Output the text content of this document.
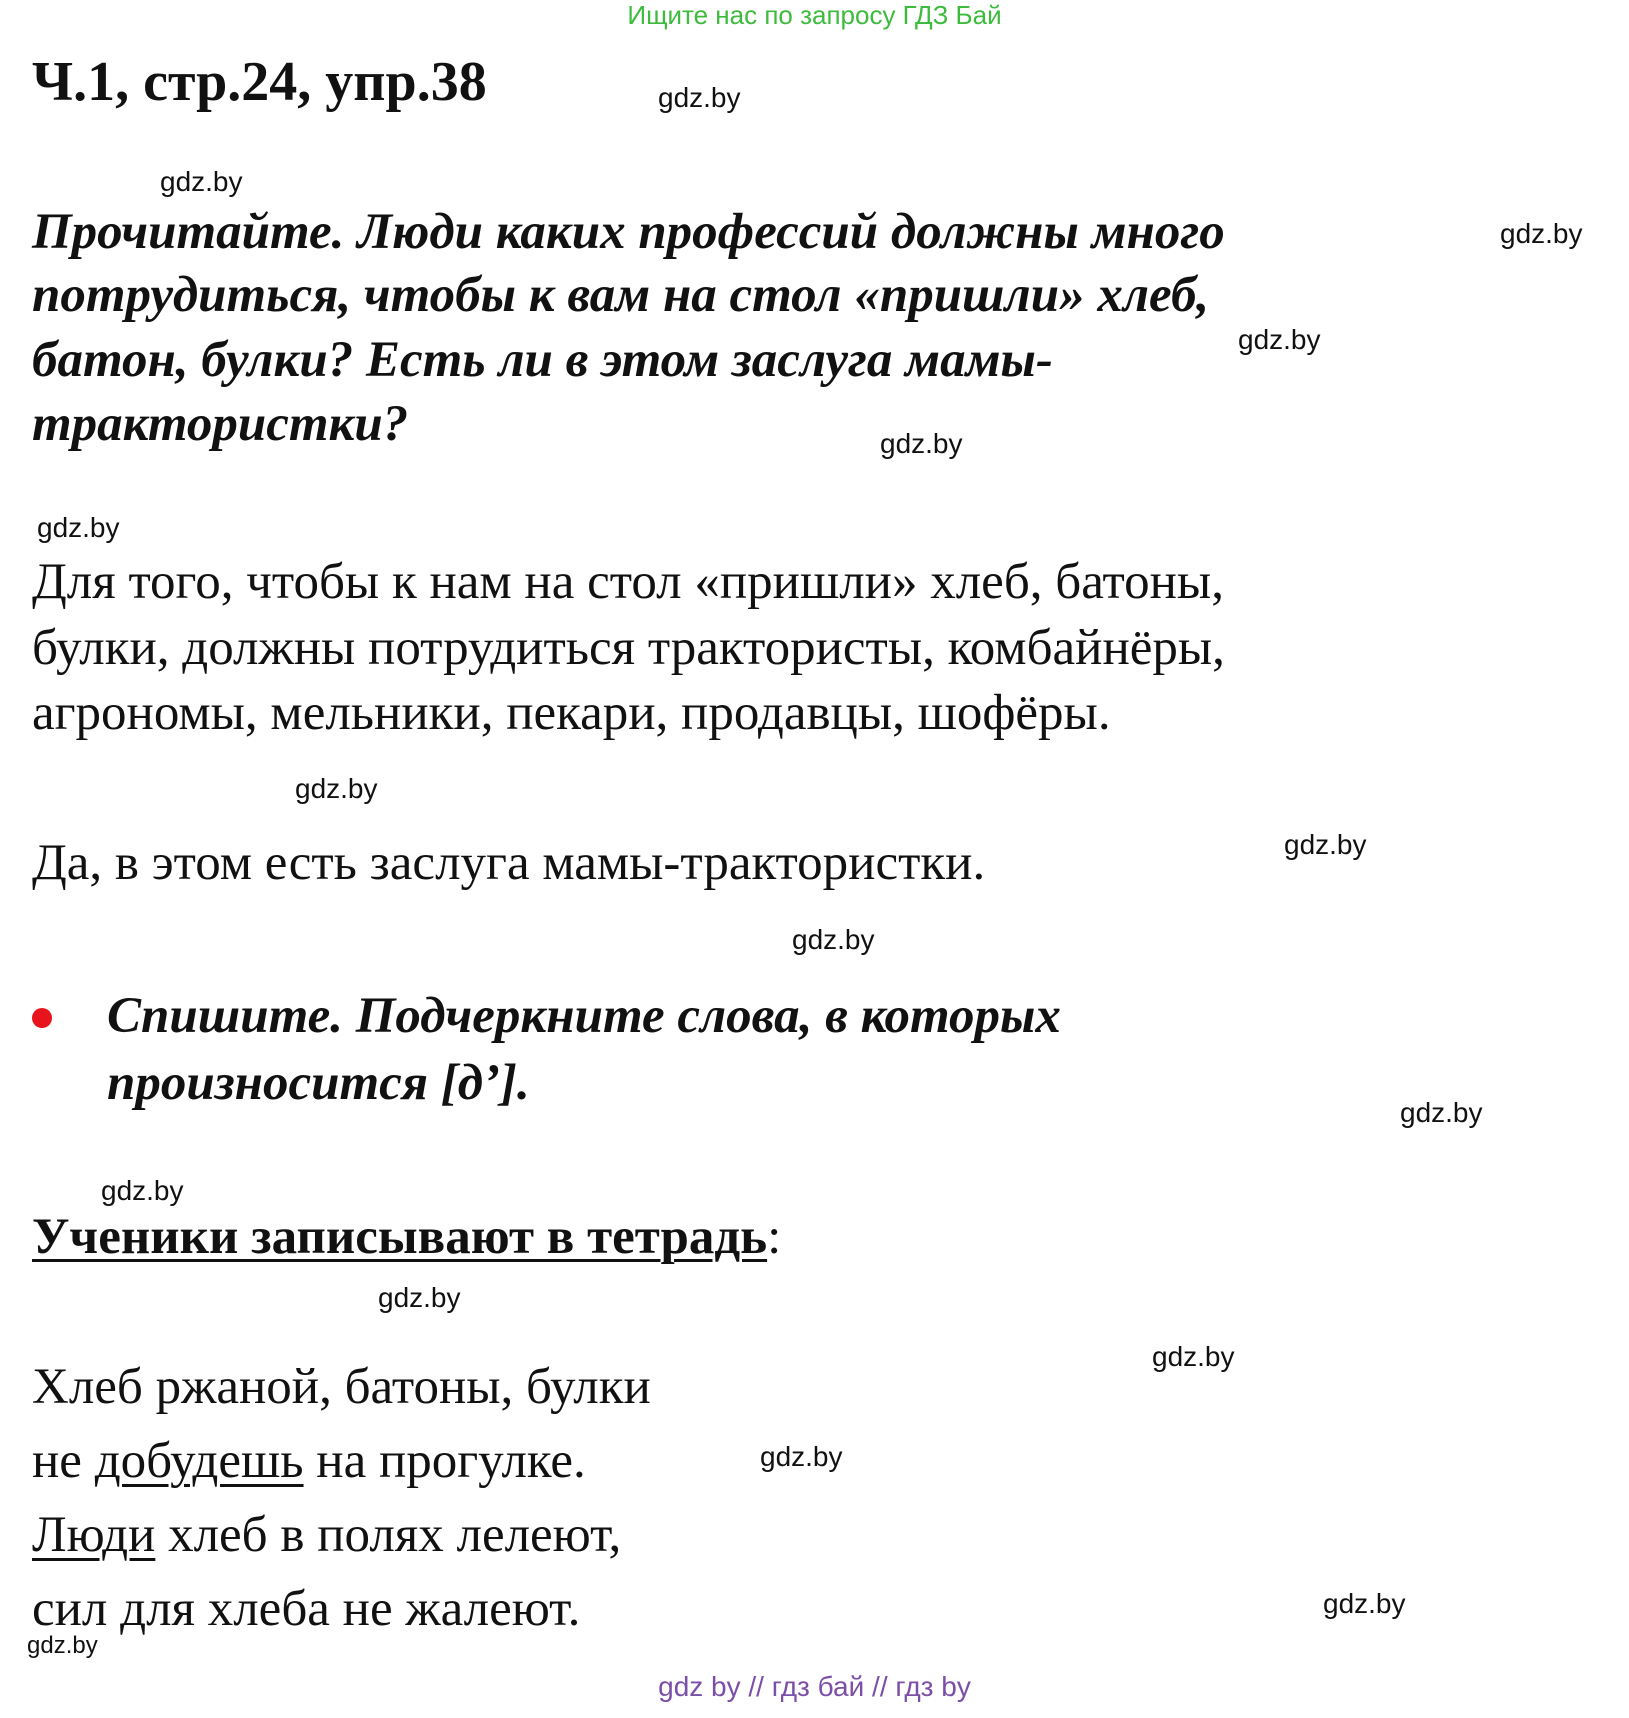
Ищите нас по запросу ГДЗ Бай
Ч.1, стр.24, упр.38
Прочитайте. Люди каких профессий должны много
потрудиться, чтобы к вам на стол «пришли» хлеб,
батон, булки? Есть ли в этом заслуга мамы-
трактористки?
Для того, чтобы к нам на стол «пришли» хлеб, батоны,
булки, должны потрудиться трактористы, комбайнёры,
агрономы, мельники, пекари, продавцы, шофёры.
Да, в этом есть заслуга мамы-трактористки.
Спишите. Подчеркните слова, в которых
произносится [д’].
Ученики записывают в тетрадь:
Хлеб ржаной, батоны, булки
не добудешь на прогулке.
Люди хлеб в полях лелеют,
сил для хлеба не жалеют.
gdz.by
gdz.by
gdz.by
gdz.by
gdz.by
gdz.by
gdz.by
gdz.by
gdz.by
gdz.by
gdz.by
gdz.by
gdz.by
gdz.by
gdz.by
gdz.by
gdz by // гдз бай // гдз by
